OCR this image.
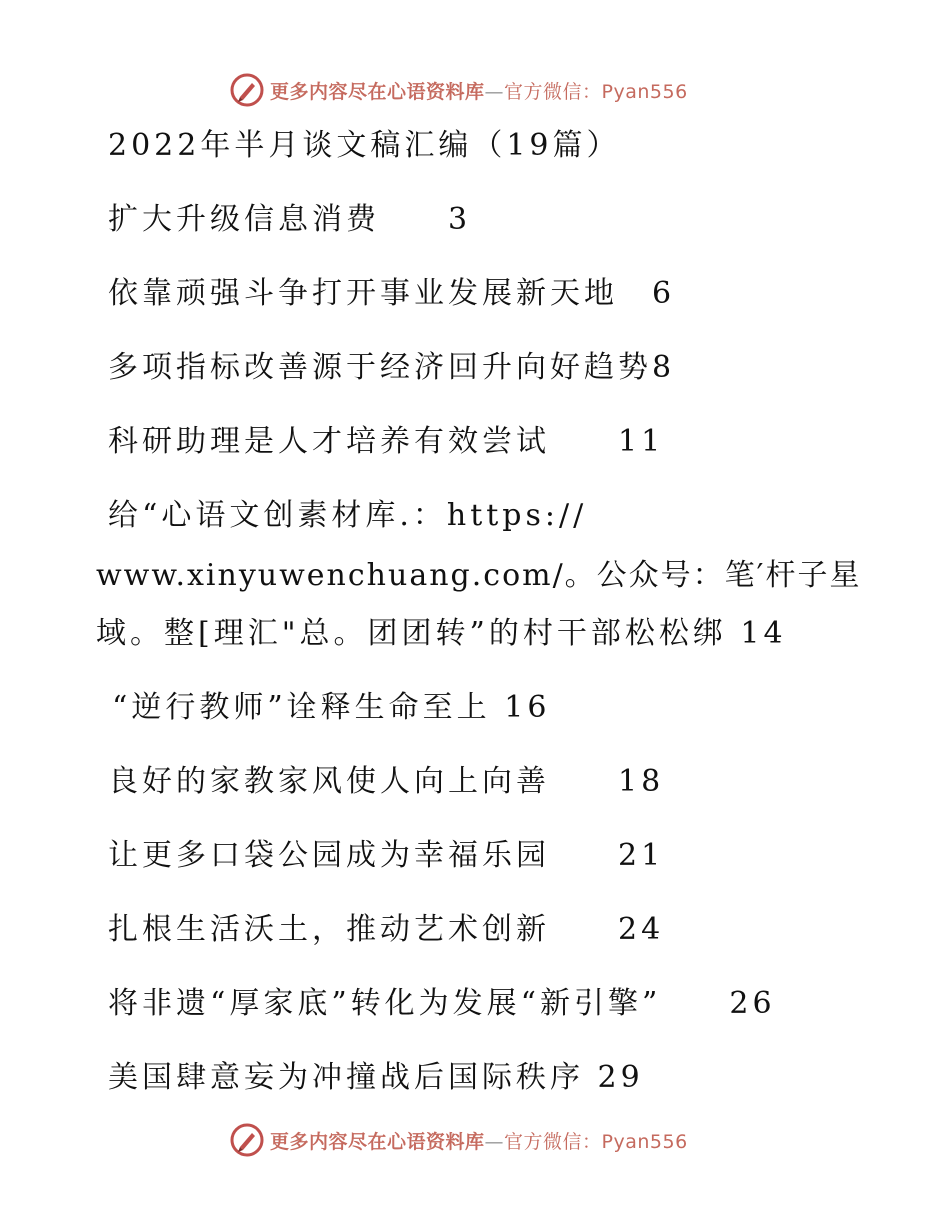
更多内容尽在心语资料库—官方微信：Pyan556
2022年半月谈文稿汇编（19篇）
扩大升级信息消费　　 3
依靠顽强斗争打开事业发展新天地　 6
多项指标改善源于经济回升向好趋势8
科研助理是人才培养有效尝试　　 11
给“心语文创素材库.：https://
www.xinyuwenchuang.com/。公众号：笔′杆子星
域。整[理汇"总。团团转”的村干部松松绑 14
“逆行教师”诠释生命至上 16
良好的家教家风使人向上向善　　 18
让更多口袋公园成为幸福乐园　　 21
扎根生活沃土，推动艺术创新　　 24
将非遗“厚家底”转化为发展“新引擎”　　 26
美国肆意妄为冲撞战后国际秩序 29
更多内容尽在心语资料库—官方微信：Pyan556
